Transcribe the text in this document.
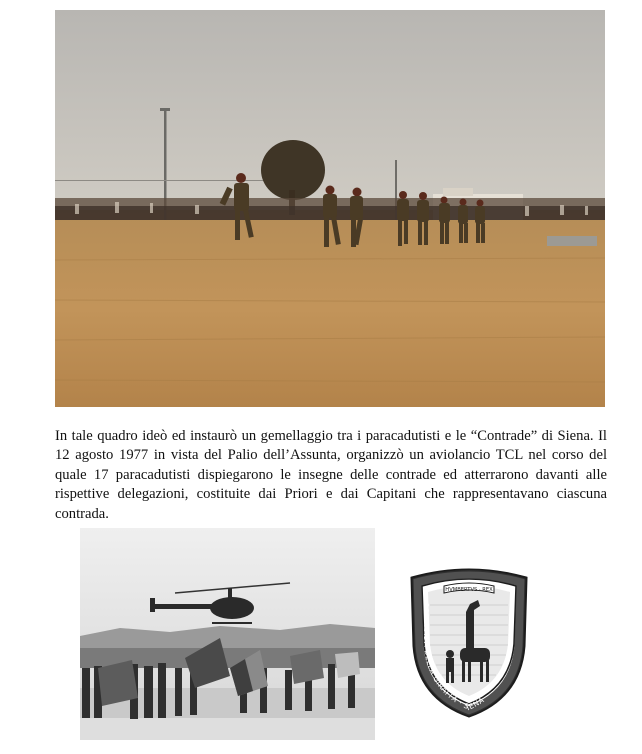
In tale quadro ideò ed instaurò un gemellaggio tra i paracadutisti e le “Contrade” di Siena. Il 12 agosto 1977 in vista del Palio dell’Assunta, organizzò un aviolancio TCL nel corso del quale 17 paracadutisti dispiegarono le insegne delle contrade ed atterrarono davanti alle rispettive delegazioni, costituite dai Priori e dai Capitani che rappresentavano ciascuna contrada.

HVMBERTVS · REX
CONTRADA DELLA GIRAFFA · SIENA
